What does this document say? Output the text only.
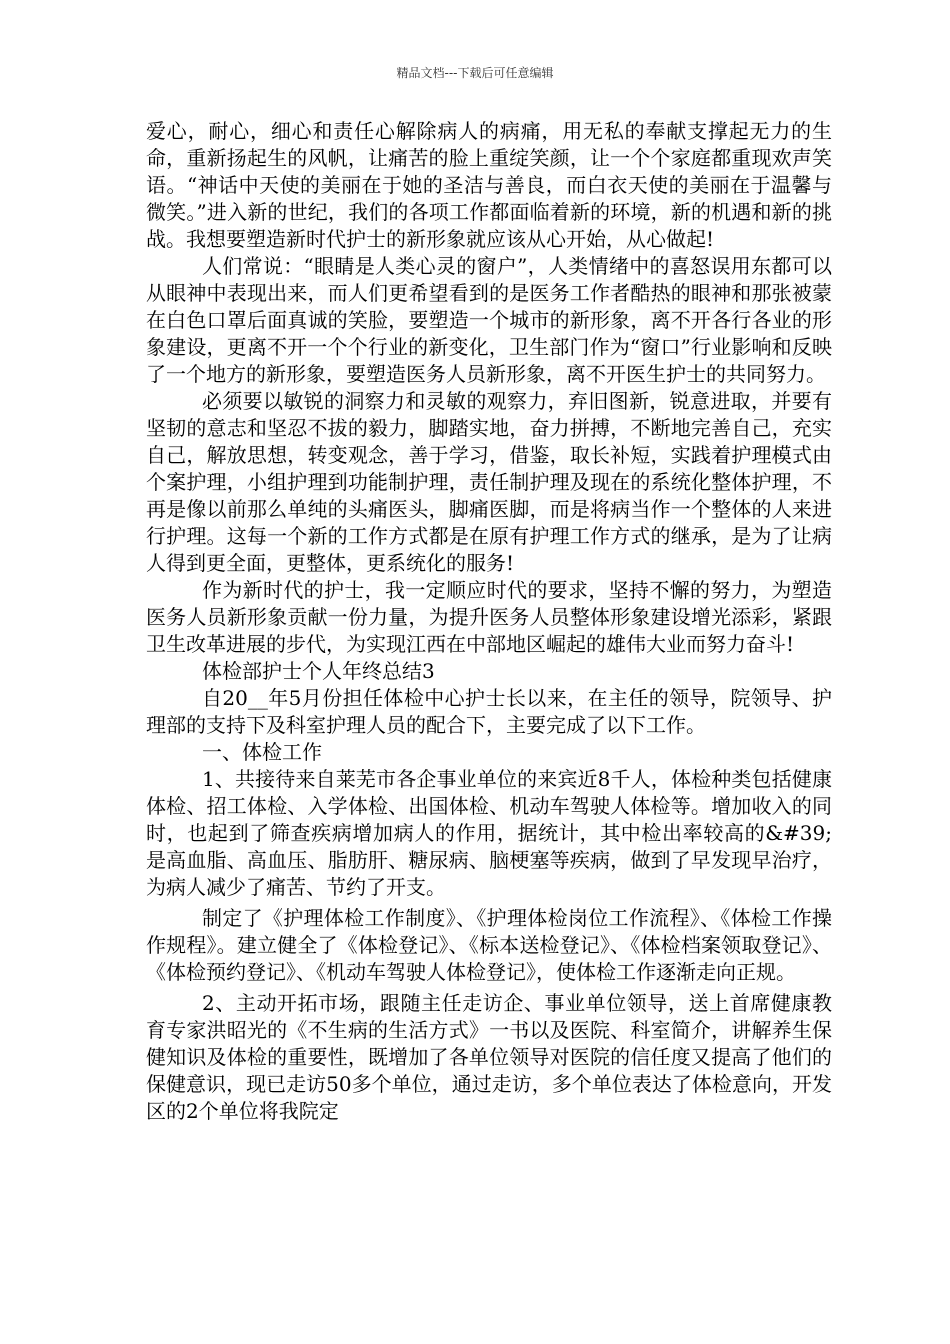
精品文档---下载后可任意编辑

爱心，耐心，细心和责任心解除病人的病痛，用无私的奉献支撑起无力的生命，重新扬起生的风帆，让痛苦的脸上重绽笑颜，让一个个家庭都重现欢声笑语。“神话中天使的美丽在于她的圣洁与善良，而白衣天使的美丽在于温馨与微笑。”进入新的世纪，我们的各项工作都面临着新的环境，新的机遇和新的挑战。我想要塑造新时代护士的新形象就应该从心开始，从心做起!

人们常说：“眼睛是人类心灵的窗户”，人类情绪中的喜怒误用东都可以从眼神中表现出来，而人们更希望看到的是医务工作者酷热的眼神和那张被蒙在白色口罩后面真诚的笑脸，要塑造一个城市的新形象，离不开各行各业的形象建设，更离不开一个个行业的新变化，卫生部门作为“窗口”行业影响和反映了一个地方的新形象，要塑造医务人员新形象，离不开医生护士的共同努力。

必须要以敏锐的洞察力和灵敏的观察力，弃旧图新，锐意进取，并要有坚韧的意志和坚忍不拔的毅力，脚踏实地，奋力拼搏，不断地完善自己，充实自己，解放思想，转变观念，善于学习，借鉴，取长补短，实践着护理模式由个案护理，小组护理到功能制护理，责任制护理及现在的系统化整体护理，不再是像以前那么单纯的头痛医头，脚痛医脚，而是将病当作一个整体的人来进行护理。这每一个新的工作方式都是在原有护理工作方式的继承，是为了让病人得到更全面，更整体，更系统化的服务!

作为新时代的护士，我一定顺应时代的要求，坚持不懈的努力，为塑造医务人员新形象贡献一份力量，为提升医务人员整体形象建设增光添彩，紧跟卫生改革进展的步代，为实现江西在中部地区崛起的雄伟大业而努力奋斗!

体检部护士个人年终总结3

自20__年5月份担任体检中心护士长以来，在主任的领导，院领导、护理部的支持下及科室护理人员的配合下，主要完成了以下工作。

一、体检工作

1、共接待来自莱芜市各企事业单位的来宾近8千人，体检种类包括健康体检、招工体检、入学体检、出国体检、机动车驾驶人体检等。增加收入的同时，也起到了筛查疾病增加病人的作用，据统计，其中检出率较高的&#39;是高血脂、高血压、脂肪肝、糖尿病、脑梗塞等疾病，做到了早发现早治疗，为病人减少了痛苦、节约了开支。

制定了《护理体检工作制度》、《护理体检岗位工作流程》、《体检工作操作规程》。建立健全了《体检登记》、《标本送检登记》、《体检档案领取登记》、《体检预约登记》、《机动车驾驶人体检登记》，使体检工作逐渐走向正规。

2、主动开拓市场，跟随主任走访企、事业单位领导，送上首席健康教育专家洪昭光的《不生病的生活方式》一书以及医院、科室简介，讲解养生保健知识及体检的重要性，既增加了各单位领导对医院的信任度又提高了他们的保健意识，现已走访50多个单位，通过走访，多个单位表达了体检意向，开发区的2个单位将我院定
